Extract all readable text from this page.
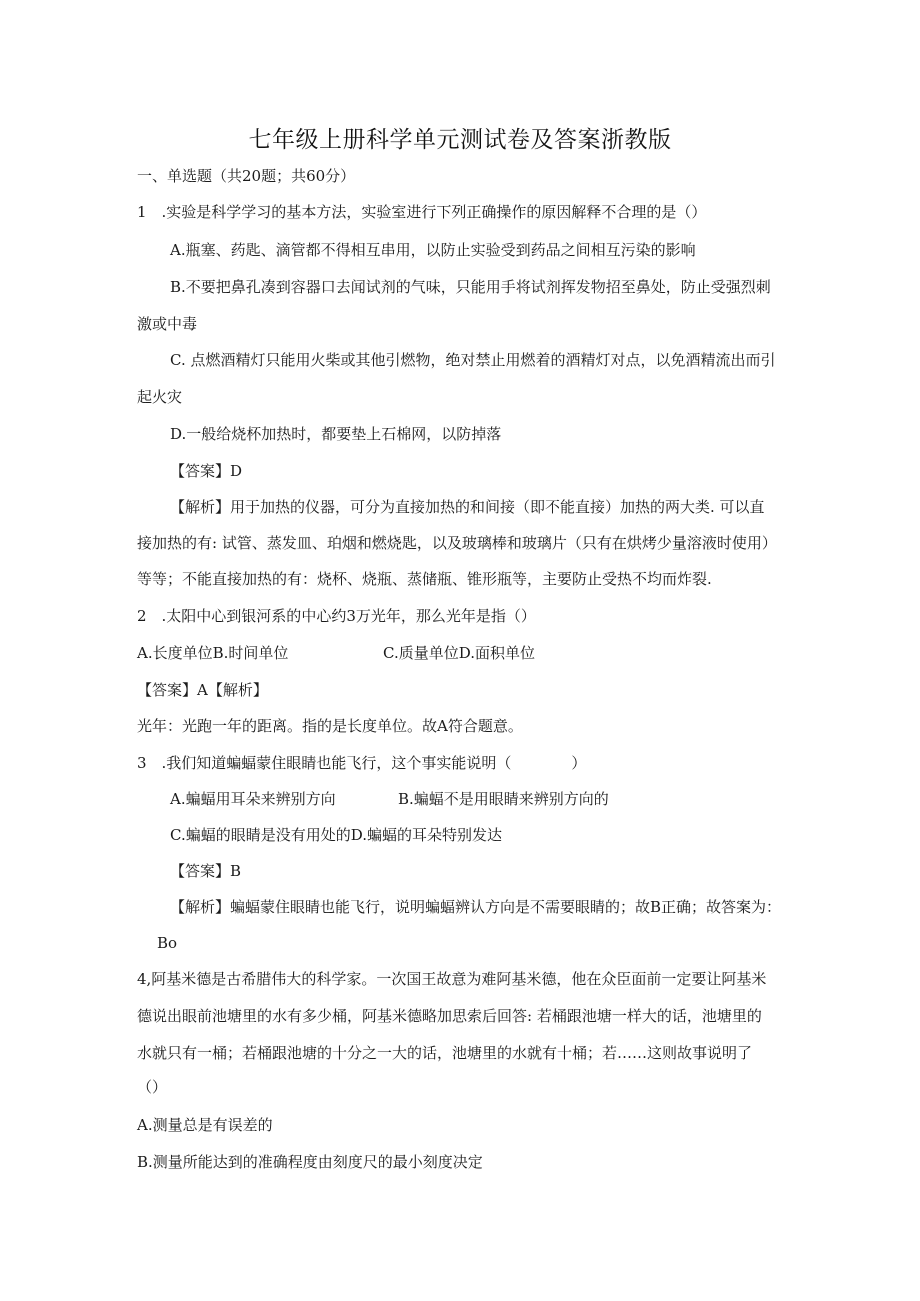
七年级上册科学单元测试卷及答案浙教版
一、单选题（共20题；共60分）
1　.实验是科学学习的基本方法，实验室进行下列正确操作的原因解释不合理的是（）
A.瓶塞、药匙、滴管都不得相互串用，以防止实验受到药品之间相互污染的影响
B.不要把鼻孔凑到容器口去闻试剂的气味，只能用手将试剂挥发物招至鼻处，防止受强烈刺
激或中毒
C. 点燃酒精灯只能用火柴或其他引燃物，绝对禁止用燃着的酒精灯对点，以免酒精流出而引
起火灾
D.一般给烧杯加热时，都要垫上石棉网，以防掉落
【答案】D
【解析】用于加热的仪器，可分为直接加热的和间接（即不能直接）加热的两大类. 可以直
接加热的有: 试管、蒸发皿、珀烟和燃烧匙，以及玻璃棒和玻璃片（只有在烘烤少量溶液时使用）
等等；不能直接加热的有：烧杯、烧瓶、蒸储瓶、锥形瓶等，主要防止受热不均而炸裂.
2　.太阳中心到银河系的中心约3万光年，那么光年是指（）
A.长度单位B.时间单位	C.质量单位D.面积单位
【答案】A【解析】
光年：光跑一年的距离。指的是长度单位。故A符合题意。
3　.我们知道蝙蝠蒙住眼睛也能飞行，这个事实能说明（　　　　）
A.蝙蝠用耳朵来辨别方向	B.蝙蝠不是用眼睛来辨别方向的
C.蝙蝠的眼睛是没有用处的D.蝙蝠的耳朵特别发达
【答案】B
【解析】蝙蝠蒙住眼睛也能飞行，说明蝙蝠辨认方向是不需要眼睛的；故B正确；故答案为：
Bo
4,阿基米德是古希腊伟大的科学家。一次国王故意为难阿基米德，他在众臣面前一定要让阿基米
德说出眼前池塘里的水有多少桶，阿基米德略加思索后回答: 若桶跟池塘一样大的话，池塘里的
水就只有一桶；若桶跟池塘的十分之一大的话，池塘里的水就有十桶；若……这则故事说明了
（）
A.测量总是有误差的
B.测量所能达到的准确程度由刻度尺的最小刻度决定
